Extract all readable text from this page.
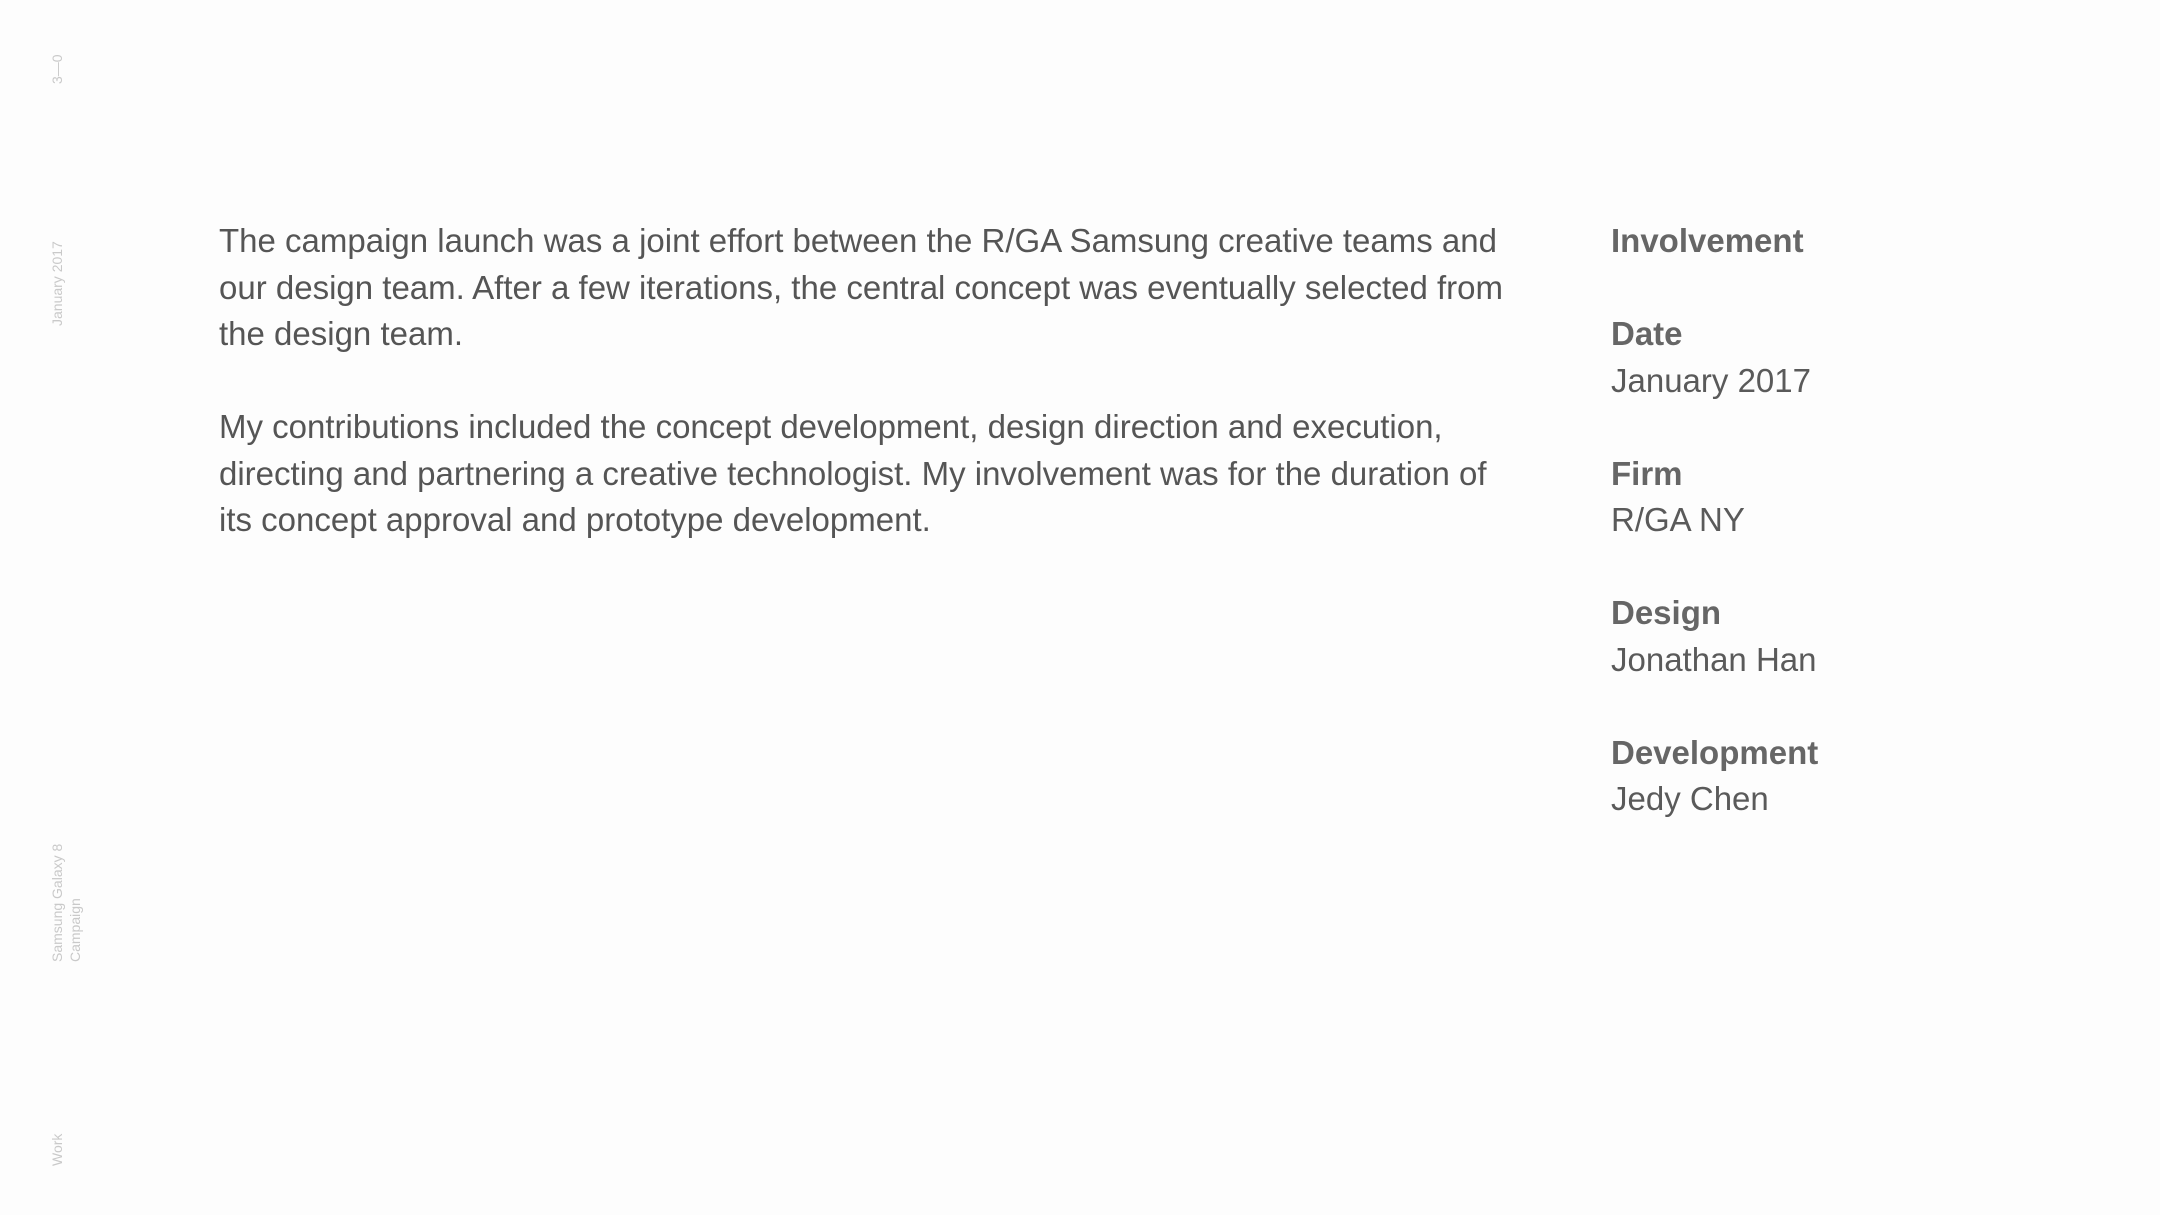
3—0
January 2017
Samsung Galaxy 8 Campaign
Work

The campaign launch was a joint effort between the R/GA Samsung creative teams and our design team. After a few iterations, the central concept was eventually selected from the design team.

My contributions included the concept development, design direction and execution, directing and partnering a creative technologist. My involvement was for the duration of its concept approval and prototype development.

Involvement
Date
January 2017
Firm
R/GA NY
Design
Jonathan Han
Development
Jedy Chen
